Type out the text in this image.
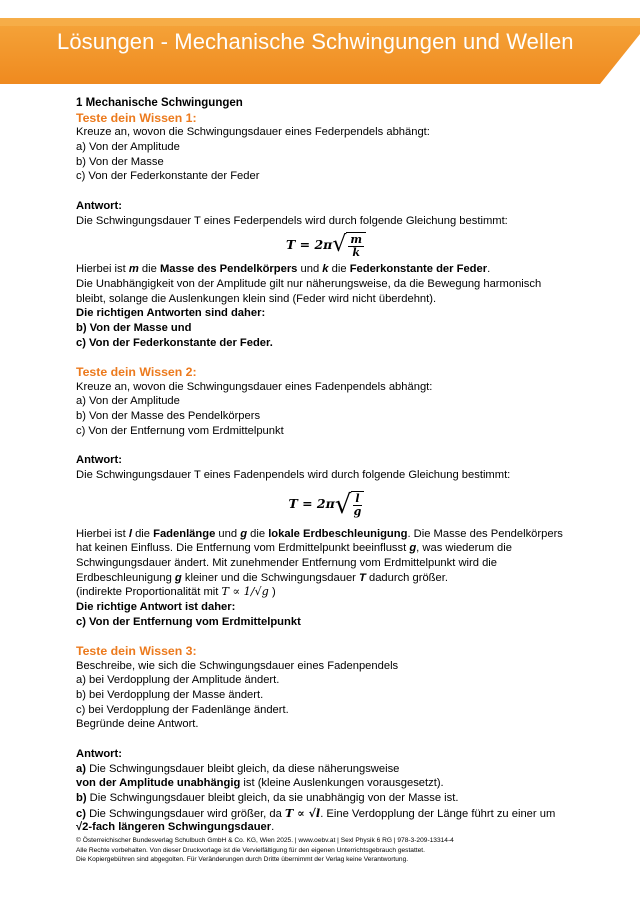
Lösungen - Mechanische Schwingungen und Wellen
1 Mechanische Schwingungen
Teste dein Wissen 1:
Kreuze an, wovon die Schwingungsdauer eines Federpendels abhängt:
a) Von der Amplitude
b) Von der Masse
c) Von der Federkonstante der Feder
Antwort:
Die Schwingungsdauer T eines Federpendels wird durch folgende Gleichung bestimmt:
T = 2π √ $\frac{m}{k}$
Hierbei ist m die Masse des Pendelkörpers und k die Federkonstante der Feder.
Die Unabhängigkeit von der Amplitude gilt nur näherungsweise, da die Bewegung harmonisch
bleibt, solange die Auslenkungen klein sind (Feder wird nicht überdehnt).
Die richtigen Antworten sind daher:
b) Von der Masse und
c) Von der Federkonstante der Feder.
Teste dein Wissen 2:
Kreuze an, wovon die Schwingungsdauer eines Fadenpendels abhängt:
a) Von der Amplitude
b) Von der Masse des Pendelkörpers
c) Von der Entfernung vom Erdmittelpunkt
Antwort:
Die Schwingungsdauer T eines Fadenpendels wird durch folgende Gleichung bestimmt:
T = 2π √ $\frac{l}{g}$
Hierbei ist l die Fadenlänge und g die lokale Erdbeschleunigung. Die Masse des Pendelkörpers
hat keinen Einfluss. Die Entfernung vom Erdmittelpunkt beeinflusst g, was wiederum die
Schwingungsdauer ändert. Mit zunehmender Entfernung vom Erdmittelpunkt wird die
Erdbeschleunigung g kleiner und die Schwingungsdauer T dadurch größer.
(indirekte Proportionalität mit T ∝ 1/√g )
Die richtige Antwort ist daher:
c) Von der Entfernung vom Erdmittelpunkt
Teste dein Wissen 3:
Beschreibe, wie sich die Schwingungsdauer eines Fadenpendels
a) bei Verdopplung der Amplitude ändert.
b) bei Verdopplung der Masse ändert.
c) bei Verdopplung der Fadenlänge ändert.
Begründe deine Antwort.
Antwort:
a) Die Schwingungsdauer bleibt gleich, da diese näherungsweise
von der Amplitude unabhängig ist (kleine Auslenkungen vorausgesetzt).
b) Die Schwingungsdauer bleibt gleich, da sie unabhängig von der Masse ist.
c) Die Schwingungsdauer wird größer, da T ∝ √l. Eine Verdopplung der Länge führt zu einer um
√2-fach längeren Schwingungsdauer.
© Österreichischer Bundesverlag Schulbuch GmbH & Co. KG, Wien 2025. | www.oebv.at | Sexl Physik 6 RG | 978-3-209-13314-4
Alle Rechte vorbehalten. Von dieser Druckvorlage ist die Vervielfältigung für den eigenen Unterrichtsgebrauch gestattet.
Die Kopiergebühren sind abgegolten. Für Veränderungen durch Dritte übernimmt der Verlag keine Verantwortung.
